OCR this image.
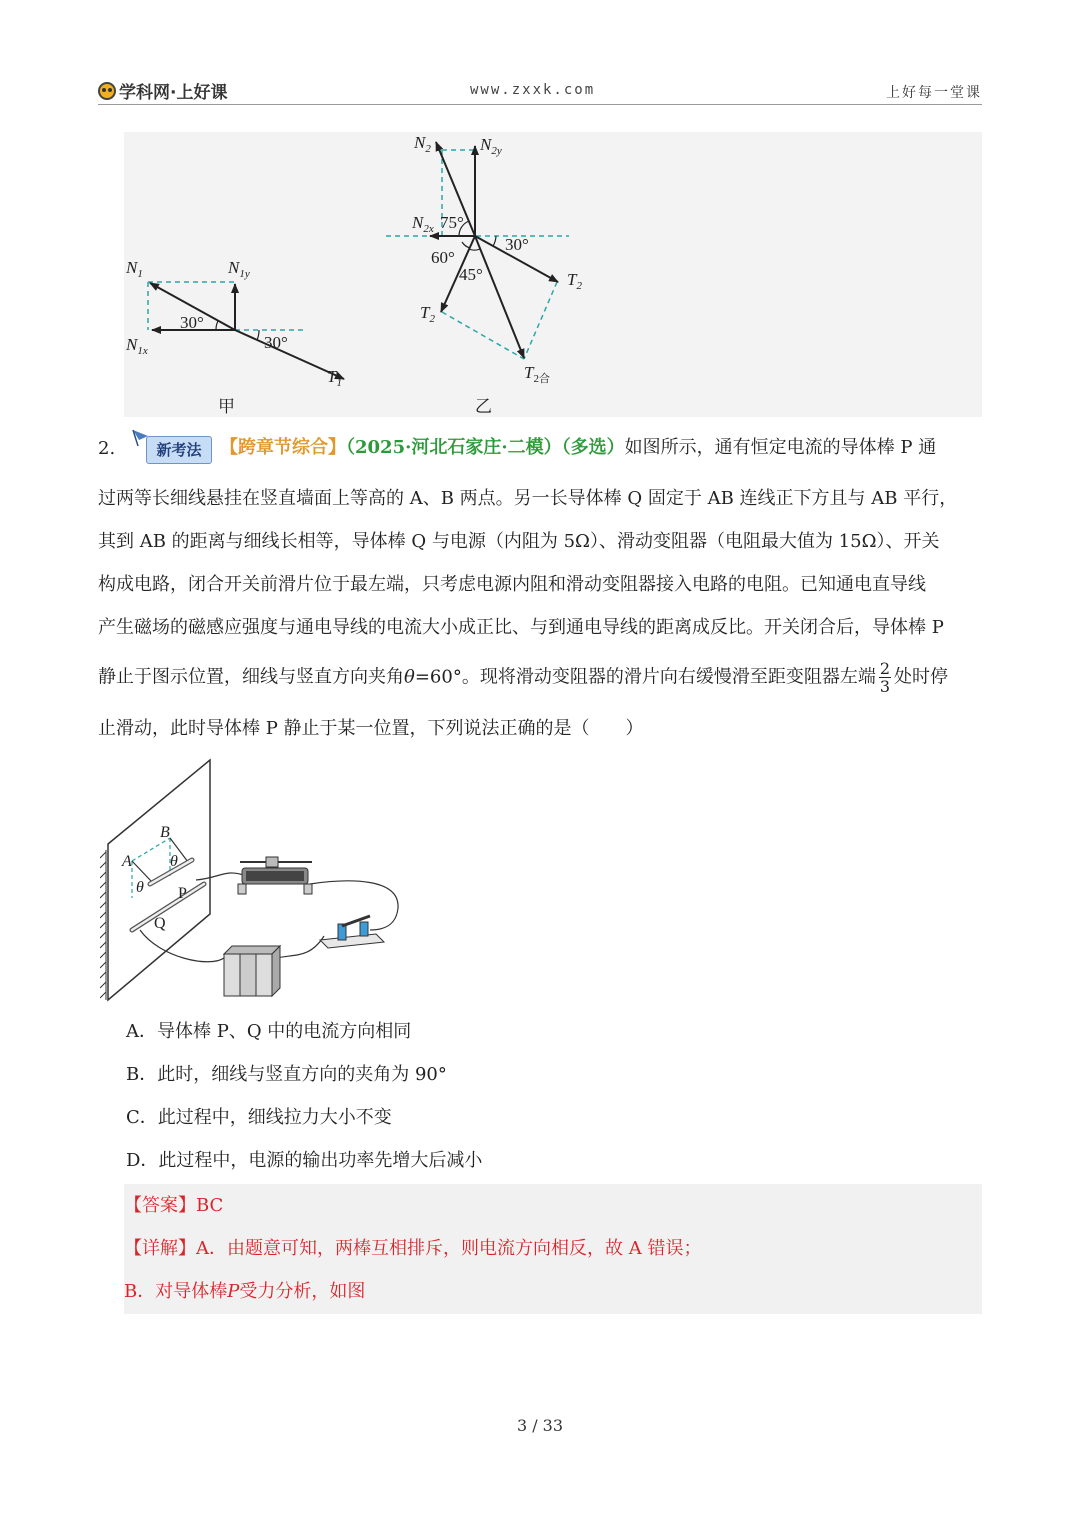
学科网·上好课	www.zxxk.com	上好每一堂课
$N_1$	$N_{1y}$
$N_{1x}$
$T_1$
30°
30°
甲
$N_2$	$N_{2y}$
$N_{2x}$ 75°
60°
45°
30°
$T_2$
$T_2$
$T_{2合}$
乙
2.	新考法	【跨章节综合】（2025·河北石家庄·二模）（多选）如图所示，通有恒定电流的导体棒 P 通
过两等长细线悬挂在竖直墙面上等高的 A、B 两点。另一长导体棒 Q 固定于 AB 连线正下方且与 AB 平行，
其到 AB 的距离与细线长相等，导体棒 Q 与电源（内阻为 5Ω）、滑动变阻器（电阻最大值为 15Ω）、开关
构成电路，闭合开关前滑片位于最左端，只考虑电源内阻和滑动变阻器接入电路的电阻。已知通电直导线
产生磁场的磁感应强度与通电导线的电流大小成正比、与到通电导线的距离成反比。开关闭合后，导体棒 P
静止于图示位置，细线与竖直方向夹角θ=60°。现将滑动变阻器的滑片向右缓慢滑至距变阻器左端 $\frac{2}{3}$ 处时停
止滑动，此时导体棒 P 静止于某一位置，下列说法正确的是（　　）
A
B
θ
θ
P
Q
A．导体棒 P、Q 中的电流方向相同
B．此时，细线与竖直方向的夹角为 90°
C．此过程中，细线拉力大小不变
D．此过程中，电源的输出功率先增大后减小
【答案】BC
【详解】A．由题意可知，两棒互相排斥，则电流方向相反，故 A 错误；
B．对导体棒P受力分析，如图
3 / 33
